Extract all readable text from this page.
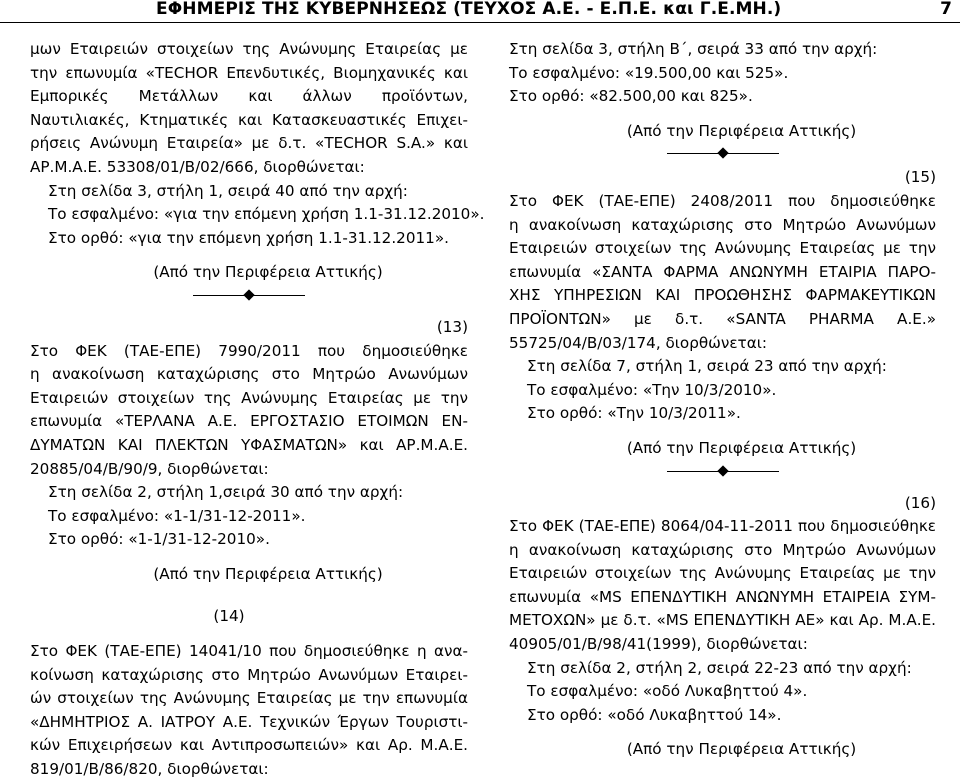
ΕΦΗΜΕΡΙΣ ΤΗΣ ΚΥΒΕΡΝΗΣΕΩΣ (ΤΕΥΧΟΣ Α.Ε. - Ε.Π.Ε. και Γ.Ε.ΜΗ.)	7
μων Εταιρειών στοιχείων της Ανώνυμης Εταιρείας με
την επωνυμία «TECHOR Επενδυτικές, Βιομηχανικές και
Εμπορικές Μετάλλων και άλλων προϊόντων,
Ναυτιλιακές, Κτηματικές και Κατασκευαστικές Επιχει-
ρήσεις Ανώνυμη Εταιρεία» με δ.τ. «TECHOR S.A.» και
ΑΡ.Μ.Α.Ε. 53308/01/Β/02/666, διορθώνεται:
Στη σελίδα 3, στήλη 1, σειρά 40 από την αρχή:
Το εσφαλμένο: «για την επόμενη χρήση 1.1-31.12.2010».
Στο ορθό: «για την επόμενη χρήση 1.1-31.12.2011».
(Από την Περιφέρεια Αττικής)
(13)
Στο ΦΕΚ (ΤΑΕ-ΕΠΕ) 7990/2011 που δημοσιεύθηκε
η ανακοίνωση καταχώρισης στο Μητρώο Ανωνύμων
Εταιρειών στοιχείων της Ανώνυμης Εταιρείας με την
επωνυμία «ΤΕΡΛΑΝΑ Α.Ε. ΕΡΓΟΣΤΑΣΙΟ ΕΤΟΙΜΩΝ ΕΝ-
ΔΥΜΑΤΩΝ ΚΑΙ ΠΛΕΚΤΩΝ ΥΦΑΣΜΑΤΩΝ» και ΑΡ.Μ.Α.Ε.
20885/04/Β/90/9, διορθώνεται:
Στη σελίδα 2, στήλη 1,σειρά 30 από την αρχή:
Το εσφαλμένο: «1-1/31-12-2011».
Στο ορθό: «1-1/31-12-2010».
(Από την Περιφέρεια Αττικής)
(14)
Στο ΦΕΚ (ΤΑΕ-ΕΠΕ) 14041/10 που δημοσιεύθηκε η ανα-
κοίνωση καταχώρισης στο Μητρώο Ανωνύμων Εταιρει-
ών στοιχείων της Ανώνυμης Εταιρείας με την επωνυμία
«ΔΗΜΗΤΡΙΟΣ Α. ΙΑΤΡΟΥ Α.Ε. Τεχνικών Έργων Τουριστι-
κών Επιχειρήσεων και Αντιπροσωπειών» και Αρ. Μ.Α.Ε.
819/01/Β/86/820, διορθώνεται:
Στη σελίδα 3, στήλη Β΄, σειρά 33 από την αρχή:
Το εσφαλμένο: «19.500,00 και 525».
Στο ορθό: «82.500,00 και 825».
(Από την Περιφέρεια Αττικής)
(15)
Στο ΦΕΚ (ΤΑΕ-ΕΠΕ) 2408/2011 που δημοσιεύθηκε
η ανακοίνωση καταχώρισης στο Μητρώο Ανωνύμων
Εταιρειών στοιχείων της Ανώνυμης Εταιρείας με την
επωνυμία «ΣΑΝΤΑ ΦΑΡΜΑ ΑΝΩΝΥΜΗ ΕΤΑΙΡΙΑ ΠΑΡΟ-
ΧΗΣ ΥΠΗΡΕΣΙΩΝ ΚΑΙ ΠΡΟΩΘΗΣΗΣ ΦΑΡΜΑΚΕΥΤΙΚΩΝ
ΠΡΟΪΟΝΤΩΝ» με δ.τ. «SANTA PHARMA Α.Ε.»
55725/04/Β/03/174, διορθώνεται:
Στη σελίδα 7, στήλη 1, σειρά 23 από την αρχή:
Το εσφαλμένο: «Την 10/3/2010».
Στο ορθό: «Την 10/3/2011».
(Από την Περιφέρεια Αττικής)
(16)
Στο ΦΕΚ (ΤΑΕ-ΕΠΕ) 8064/04-11-2011 που δημοσιεύθηκε
η ανακοίνωση καταχώρισης στο Μητρώο Ανωνύμων
Εταιρειών στοιχείων της Ανώνυμης Εταιρείας με την
επωνυμία «MS ΕΠΕΝΔΥΤΙΚΗ ΑΝΩΝΥΜΗ ΕΤΑΙΡΕΙΑ ΣΥΜ-
ΜΕΤΟΧΩΝ» με δ.τ. «MS ΕΠΕΝΔΥΤΙΚΗ ΑΕ» και Αρ. Μ.Α.Ε.
40905/01/Β/98/41(1999), διορθώνεται:
Στη σελίδα 2, στήλη 2, σειρά 22-23 από την αρχή:
Το εσφαλμένο: «οδό Λυκαβηττού 4».
Στο ορθό: «οδό Λυκαβηττού 14».
(Από την Περιφέρεια Αττικής)
